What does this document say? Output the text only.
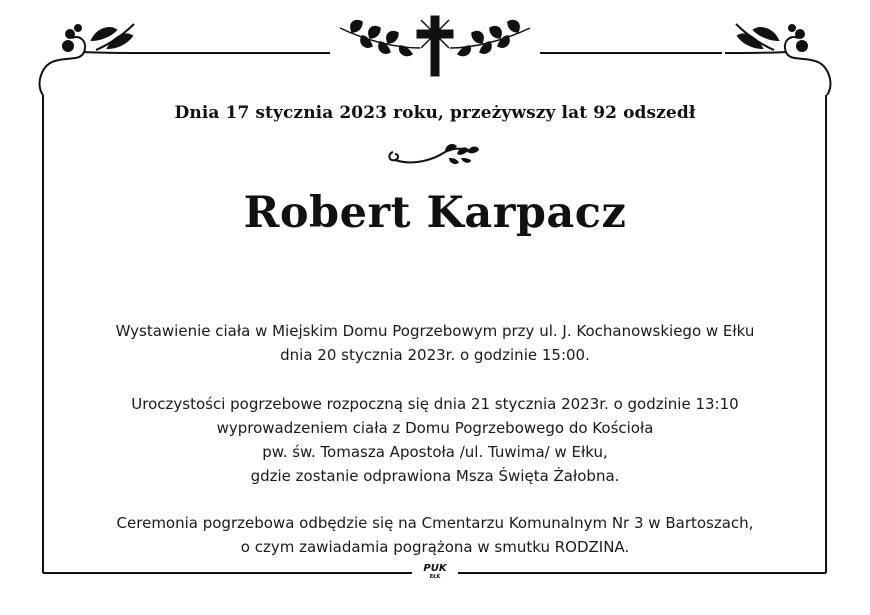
Dnia 17 stycznia 2023 roku, przeżywszy lat 92 odszedł
Robert Karpacz
Wystawienie ciała w Miejskim Domu Pogrzebowym przy ul. J. Kochanowskiego w Ełku
dnia 20 stycznia 2023r. o godzinie 15:00.
Uroczystości pogrzebowe rozpoczną się dnia 21 stycznia 2023r. o godzinie 13:10
wyprowadzeniem ciała z Domu Pogrzebowego do Kościoła
pw. św. Tomasza Apostoła /ul. Tuwima/ w Ełku,
gdzie zostanie odprawiona Msza Święta Żałobna.
Ceremonia pogrzebowa odbędzie się na Cmentarzu Komunalnym Nr 3 w Bartoszach,
o czym zawiadamia pogrążona w smutku RODZINA.
PUK
EŁK
